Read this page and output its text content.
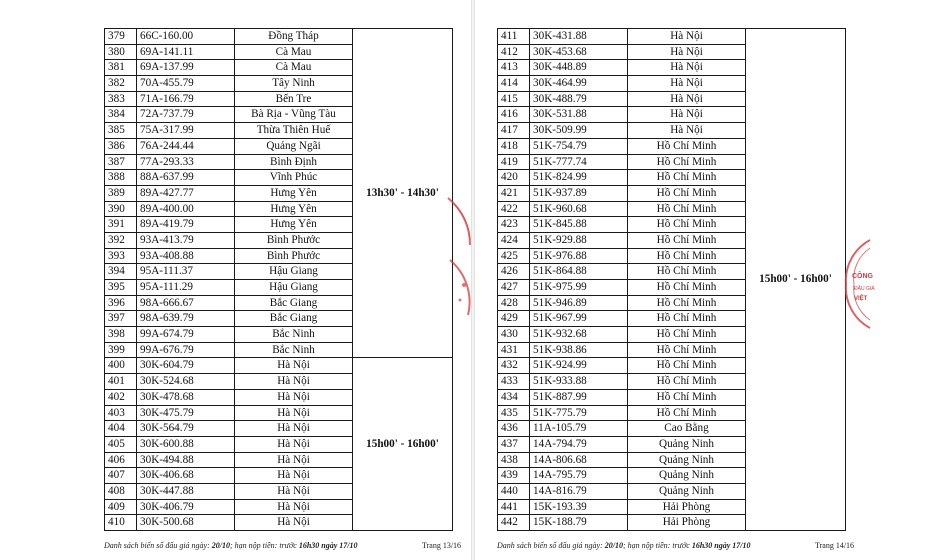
379	66C-160.00	Đồng Tháp	13h30' - 14h30'
380	69A-141.11	Cà Mau	
381	69A-137.99	Cà Mau	
382	70A-455.79	Tây Ninh	
383	71A-166.79	Bến Tre	
384	72A-737.79	Bà Rịa - Vũng Tàu	
385	75A-317.99	Thừa Thiên Huế	
386	76A-244.44	Quảng Ngãi	
387	77A-293.33	Bình Định	
388	88A-637.99	Vĩnh Phúc	
389	89A-427.77	Hưng Yên	
390	89A-400.00	Hưng Yên	
391	89A-419.79	Hưng Yên	
392	93A-413.79	Bình Phước	
393	93A-408.88	Bình Phước	
394	95A-111.37	Hậu Giang	
395	95A-111.29	Hậu Giang	
396	98A-666.67	Bắc Giang	
397	98A-639.79	Bắc Giang	
398	99A-674.79	Bắc Ninh	
399	99A-676.79	Bắc Ninh	
400	30K-604.79	Hà Nội	15h00' - 16h00'
401	30K-524.68	Hà Nội	
402	30K-478.68	Hà Nội	
403	30K-475.79	Hà Nội	
404	30K-564.79	Hà Nội	
405	30K-600.88	Hà Nội	
406	30K-494.88	Hà Nội	
407	30K-406.68	Hà Nội	
408	30K-447.88	Hà Nội	
409	30K-406.79	Hà Nội	
410	30K-500.68	Hà Nội	
Danh sách biển số đấu giá ngày: 20/10; hạn nộp tiền: trước 16h30 ngày 17/10	Trang 13/16
411	30K-431.88	Hà Nội	15h00' - 16h00'
412	30K-453.68	Hà Nội	
413	30K-448.89	Hà Nội	
414	30K-464.99	Hà Nội	
415	30K-488.79	Hà Nội	
416	30K-531.88	Hà Nội	
417	30K-509.99	Hà Nội	
418	51K-754.79	Hồ Chí Minh	
419	51K-777.74	Hồ Chí Minh	
420	51K-824.99	Hồ Chí Minh	
421	51K-937.89	Hồ Chí Minh	
422	51K-960.68	Hồ Chí Minh	
423	51K-845.88	Hồ Chí Minh	
424	51K-929.88	Hồ Chí Minh	
425	51K-976.88	Hồ Chí Minh	
426	51K-864.88	Hồ Chí Minh	
427	51K-975.99	Hồ Chí Minh	
428	51K-946.89	Hồ Chí Minh	
429	51K-967.99	Hồ Chí Minh	
430	51K-932.68	Hồ Chí Minh	
431	51K-938.86	Hồ Chí Minh	
432	51K-924.99	Hồ Chí Minh	
433	51K-933.88	Hồ Chí Minh	
434	51K-887.99	Hồ Chí Minh	
435	51K-775.79	Hồ Chí Minh	
436	11A-105.79	Cao Bằng	
437	14A-794.79	Quảng Ninh	
438	14A-806.68	Quảng Ninh	
439	14A-795.79	Quảng Ninh	
440	14A-816.79	Quảng Ninh	
441	15K-193.39	Hải Phòng	
442	15K-188.79	Hải Phòng	
Danh sách biển số đấu giá ngày: 20/10; hạn nộp tiền: trước 16h30 ngày 17/10	Trang 14/16
CÔNG
ĐẤU GIÁ
VIỆT
